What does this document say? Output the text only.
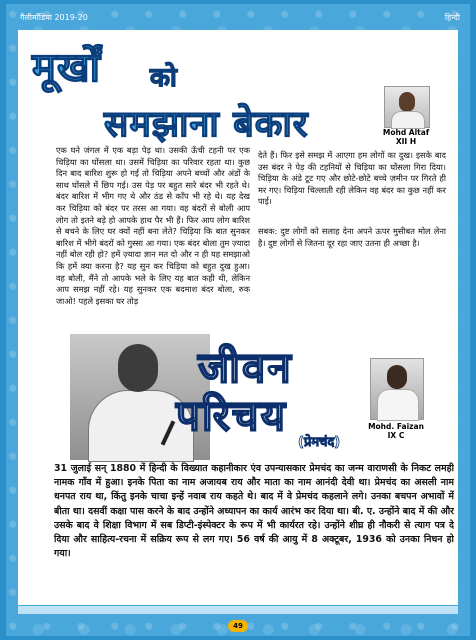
गैलीमाँडिया 2019-20	हिन्दी
मूर्खों को
समझाना बेकार	Mohd Altaf
XII H

एक घने जंगल में एक बड़ा पेड़ था। उसकी ऊँची टहनी पर एक चिड़िया का घोंसला था। उसमें चिड़िया का परिवार रहता था। कुछ दिन बाद बारिश शुरू हो गई तो चिड़िया अपने बच्चों और अंडों के साथ घोंसले में छिप गई। उस पेड़ पर बहुत सारे बंदर भी रहते थे। बंदर बारिश में भीग गए थे और ठंड से काँप भी रहे थे। यह देख कर चिड़िया को बंदर पर तरस आ गया। वह बंदरों से बोली आप लोग तो इतने बड़े हो आपके हाथ पैर भी हैं। फिर आप लोग बारिश से बचने के लिए घर क्यों नहीं बना लेते? चिड़िया कि बात सुनकर बारिश में भीगे बंदरों को गुस्सा आ गया। एक बंदर बोला तुम ज़्यादा नहीं बोल रही हो? हमें ज़्यादा ज्ञान मत दो और न ही यह समझाओ कि हमें क्या करना है? यह सुन कर चिड़िया को बहुत दुख हुआ। वह बोली, मैंने तो आपके भले के लिए यह बात कही थी, लेकिन आप समझ नहीं रहे। यह सुनकर एक बदमाश बंदर बोला, रुक जाओ! पहले इसका घर तोड़

देते हैं। फिर इसे समझ में आएगा हम लोगों का दुख। इसके बाद उस बंदर ने पेड़ की टहनियों से चिड़िया का घोंसला गिरा दिया। चिड़िया के अंडे टूट गए और छोटे-छोटे बच्चे ज़मीन पर गिरते ही मर गए। चिड़िया चिल्लाती रही लेकिन वह बंदर का कुछ नहीं कर पाई।

सबक: दुष्ट लोगों को सलाह देना अपने ऊपर मुसीबत मोल लेना है। दुष्ट लोगों से जितना दूर रहा जाए उतना ही अच्छा है।

जीवन
परिचय
(प्रेमचंद)
Mohd. Faizan
IX C

31 जुलाई सन् 1880 में हिन्दी के विख्यात कहानीकार एंव उपन्यासकार प्रेमचंद का जन्म वाराणसी के निकट लमही नामक गाँव में हुआ। इनके पिता का नाम अजायब राय और माता का नाम आनंदी देवी था। प्रेमचंद का असली नाम धनपत राय था, किंतु इनके चाचा इन्हें नवाब राय कहते थे। बाद में वे प्रेमचंद कहलाने लगे। उनका बचपन अभावों में बीता था। दसवीं कक्षा पास करने के बाद उन्होंने अध्यापन का कार्य आरंभ कर दिया था। बी. ए. उन्होंने बाद में की और उसके बाद वे शिक्षा विभाग में सब डिप्टी-इंस्पेक्टर के रूप में भी कार्यरत रहे। उन्होंने शीघ्र ही नौकरी से त्याग पत्र दे दिया और साहित्य-रचना में सक्रिय रूप से लग गए। 56 वर्ष की आयु में 8 अक्टूबर, 1936 को उनका निधन हो गया।

49
